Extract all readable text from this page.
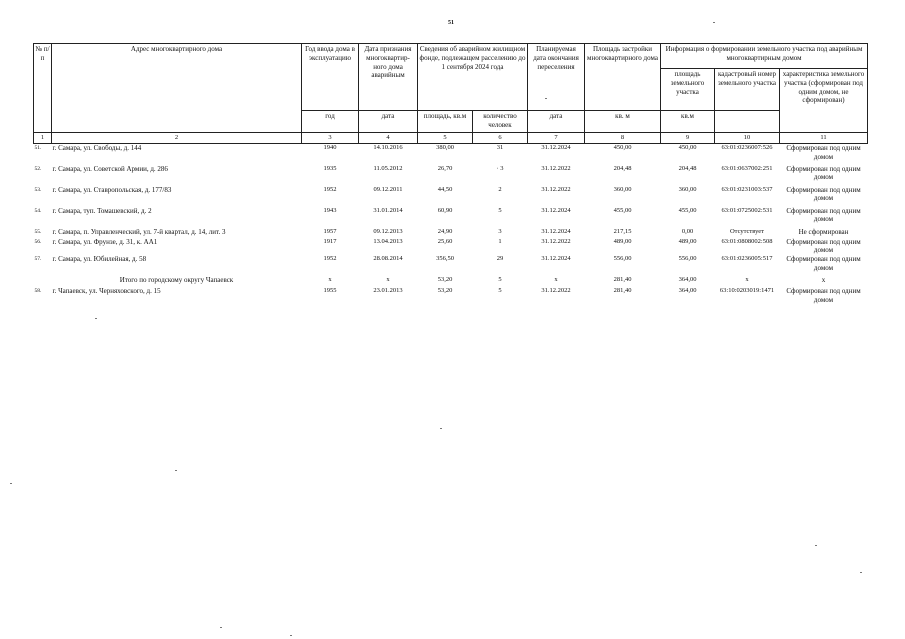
51
№ п/п	Адрес многоквартирного дома	Год ввода дома в эксплуатацию	Дата признания многоквартир-ного дома аварийным	Сведения об аварийном жилищном фонде, подлежащем расселению до 1 сентября 2024 года		Планируемая дата окончания переселения	Площадь застройки многоквартирного дома	Информация о формировании земельного участка под аварийным многоквартирным домом		
								площадь земельного участка	кадастровый номер земельного участка	характеристика земельного участка (сформирован под одним домом, не сформирован)
		год	дата	площадь, кв.м	количество человек	дата	кв. м	кв.м		
1	2	3	4	5	6	7	8	9	10	11
51.	г. Самара, ул. Свободы, д. 144	1940	14.10.2016	380,00	31	31.12.2024	450,00	450,00	63:01:0236007:526	Сформирован под одним домом
52.	г. Самара, ул. Советской Армии, д. 286	1935	11.05.2012	26,70	· 3	31.12.2022	204,48	204,48	63:01:0637002:251	Сформирован под одним домом
53.	г. Самара, ул. Ставропольская, д. 177/83	1952	09.12.2011	44,50	2	31.12.2022	360,00	360,00	63:01:0231003:537	Сформирован под одним домом
54.	г. Самара, туп. Томашевский, д. 2	1943	31.01.2014	60,90	5	31.12.2024	455,00	455,00	63:01:0725002:531	Сформирован под одним домом
55.	г. Самара, п. Управленческий, ул. 7-й квартал, д. 14, лит. 3	1957	09.12.2013	24,90	3	31.12.2024	217,15	0,00	Отсутствует	Не сформирован
56.	г. Самара, ул. Фрунзе, д. 31, к. АА1	1917	13.04.2013	25,60	1	31.12.2022	489,00	489,00	63:01:0808002:508	Сформирован под одним домом
57.	г. Самара, ул. Юбилейная, д. 58	1952	28.08.2014	356,50	29	31.12.2024	556,00	556,00	63:01:0236005:517	Сформирован под одним домом
	Итого по городскому округу Чапаевск	х	х	53,20	5	х	281,40	364,00	х	х
58.	г. Чапаевск, ул. Черняховского, д. 15	1955	23.01.2013	53,20	5	31.12.2022	281,40	364,00	63:10:0203019:1471	Сформирован под одним домом
